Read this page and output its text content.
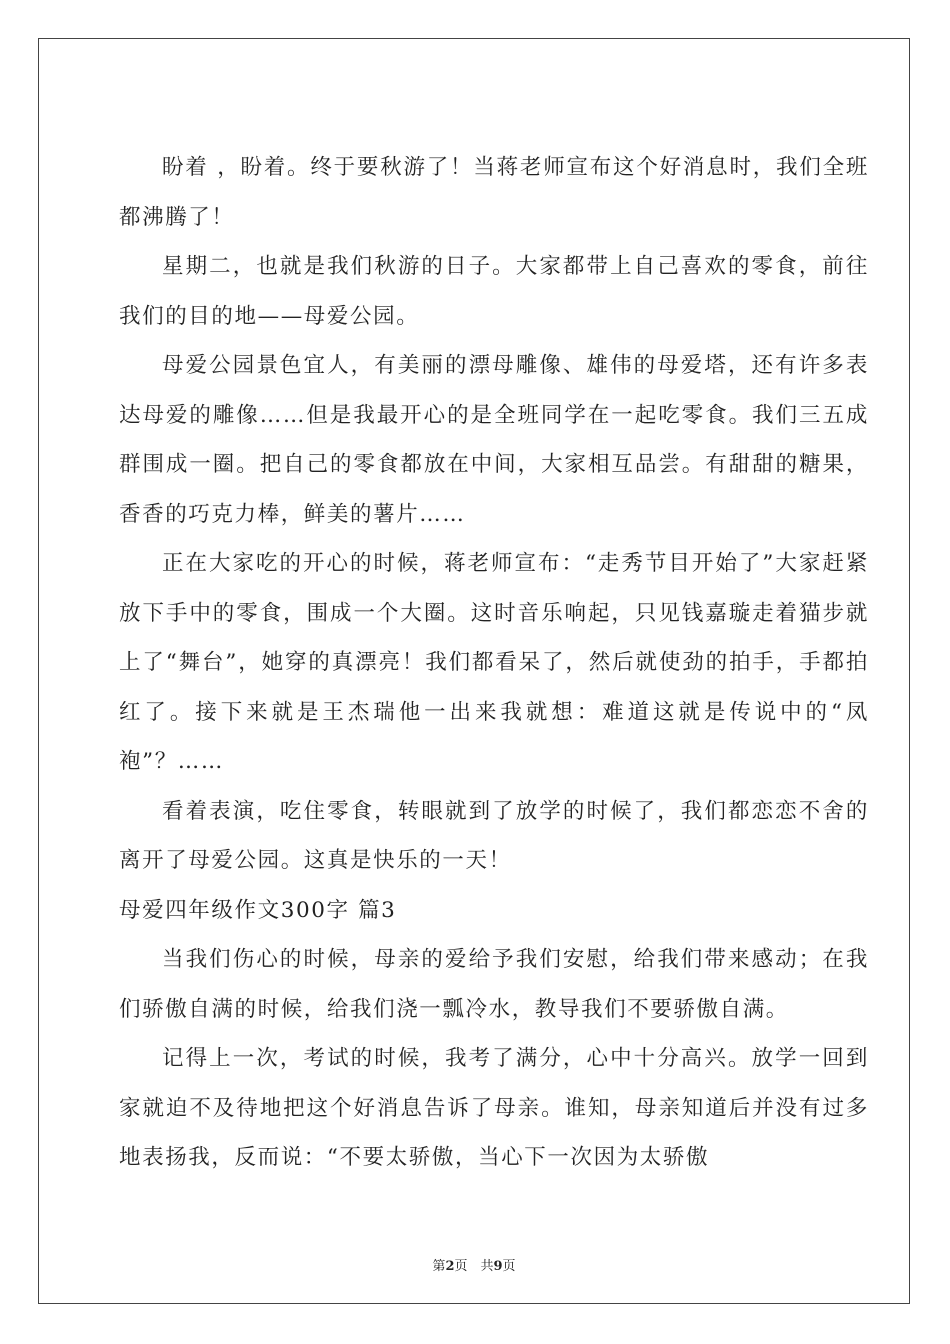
盼着 ，盼着。终于要秋游了！当蒋老师宣布这个好消息时，我们全班都沸腾了！

星期二，也就是我们秋游的日子。大家都带上自己喜欢的零食，前往我们的目的地——母爱公园。

母爱公园景色宜人，有美丽的漂母雕像、雄伟的母爱塔，还有许多表达母爱的雕像……但是我最开心的是全班同学在一起吃零食。我们三五成群围成一圈。把自己的零食都放在中间，大家相互品尝。有甜甜的糖果，香香的巧克力棒，鲜美的薯片……

正在大家吃的开心的时候，蒋老师宣布：“走秀节目开始了”大家赶紧放下手中的零食，围成一个大圈。这时音乐响起，只见钱嘉璇走着猫步就上了“舞台”，她穿的真漂亮！我们都看呆了，然后就使劲的拍手，手都拍红了。接下来就是王杰瑞他一出来我就想：难道这就是传说中的“凤袍”？……

看着表演，吃住零食，转眼就到了放学的时候了，我们都恋恋不舍的离开了母爱公园。这真是快乐的一天！

母爱四年级作文300字 篇3

当我们伤心的时候，母亲的爱给予我们安慰，给我们带来感动；在我们骄傲自满的时候，给我们浇一瓢冷水，教导我们不要骄傲自满。

记得上一次，考试的时候，我考了满分，心中十分高兴。放学一回到家就迫不及待地把这个好消息告诉了母亲。谁知，母亲知道后并没有过多地表扬我，反而说：“不要太骄傲，当心下一次因为太骄傲

第2页　共9页
